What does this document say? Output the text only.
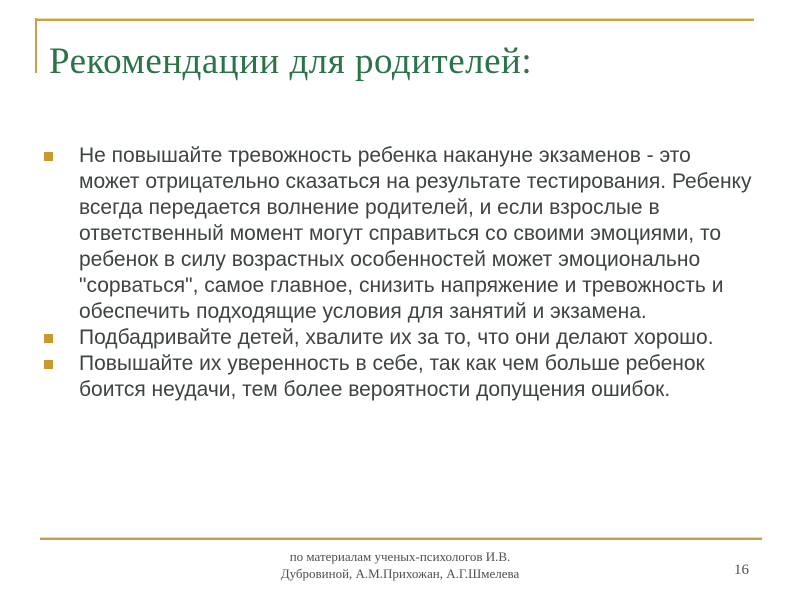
Рекомендации для родителей:

Не повышайте тревожность ребенка накануне экзаменов - это может отрицательно сказаться на результате тестирования. Ребенку всегда передается волнение родителей, и если взрослые в ответственный момент могут справиться со своими эмоциями, то ребенок в силу возрастных особенностей может эмоционально "сорваться", самое главное, снизить напряжение и тревожность и обеспечить подходящие условия для занятий и экзамена.

Подбадривайте детей, хвалите их за то, что они делают хорошо.

Повышайте их уверенность в себе, так как чем больше ребенок боится неудачи, тем более вероятности допущения ошибок.

по материалам ученых-психологов И.В.
Дубровиной, А.М.Прихожан, А.Г.Шмелева	16
